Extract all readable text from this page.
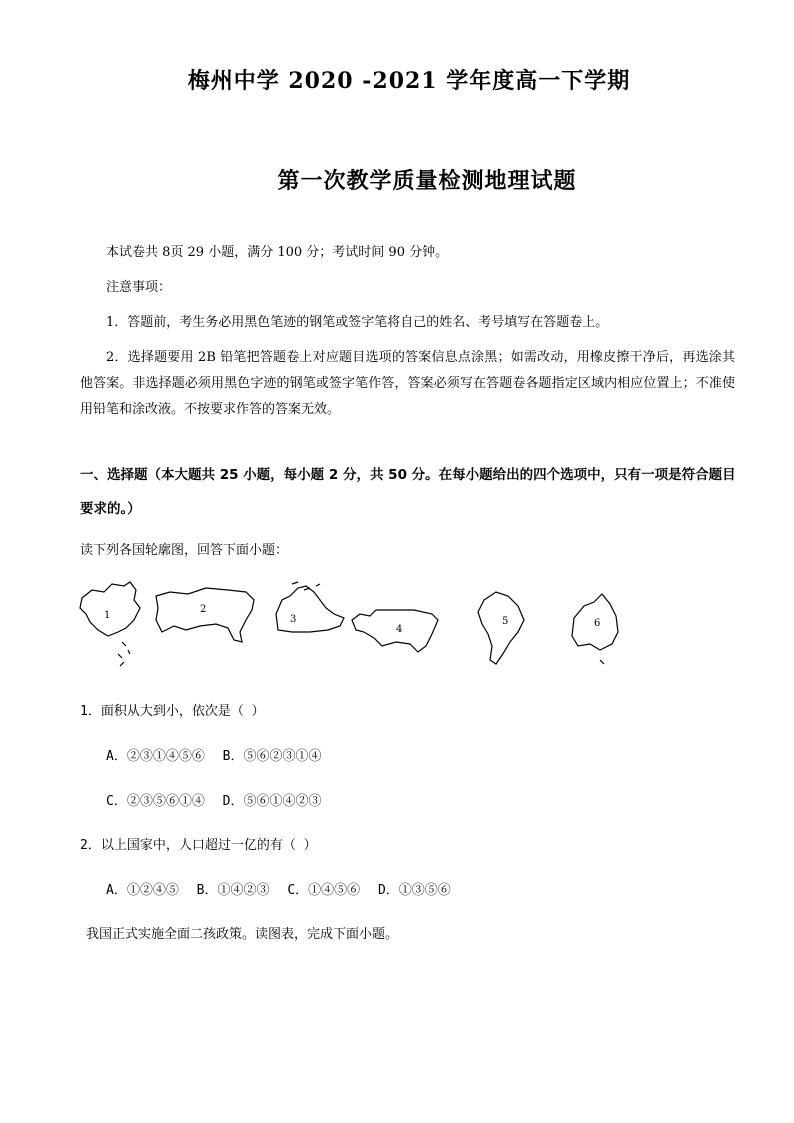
梅州中学 2020 -2021 学年度高一下学期
第一次教学质量检测地理试题
本试卷共 8页 29 小题，满分 100 分；考试时间 90 分钟。
注意事项：
1．答题前，考生务必用黑色笔迹的钢笔或签字笔将自己的姓名、考号填写在答题卷上。
2．选择题要用 2B 铅笔把答题卷上对应题目选项的答案信息点涂黑；如需改动，用橡皮擦干净后，再选涂其他答案。非选择题必须用黑色字迹的钢笔或签字笔作答，答案必须写在答题卷各题指定区域内相应位置上；不准使用铅笔和涂改液。不按要求作答的答案无效。
一、选择题（本大题共 25 小题，每小题 2 分，共 50 分。在每小题给出的四个选项中，只有一项是符合题目要求的。）
读下列各国轮廓图，回答下面小题：
1
2
3
4
5	6
1．面积从大到小，依次是（ ）
A．②③①④⑤⑥ B．⑤⑥②③①④
C．②③⑤⑥①④ D．⑤⑥①④②③
2．以上国家中，人口超过一亿的有（ ）
A．①②④⑤ B．①④②③ C．①④⑤⑥ D．①③⑤⑥
我国正式实施全面二孩政策。读图表，完成下面小题。
